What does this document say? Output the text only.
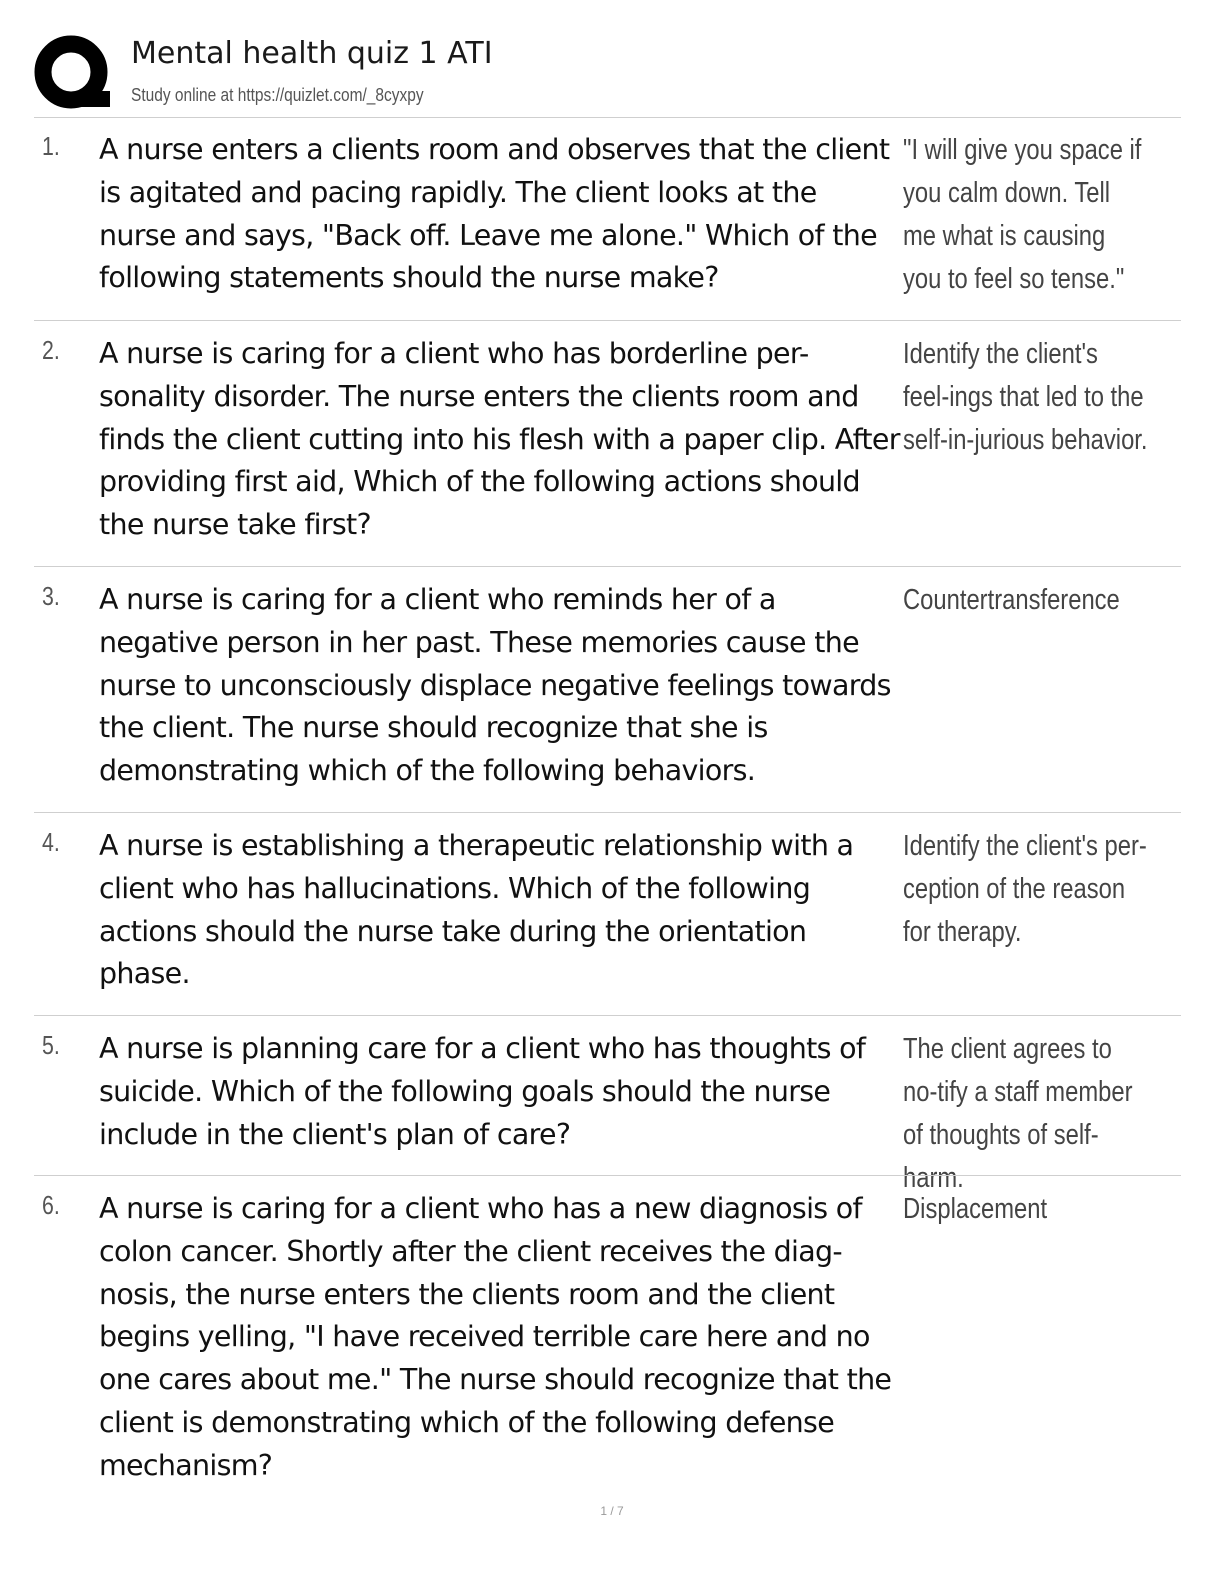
Mental health quiz 1 ATI
Study online at https://quizlet.com/_8cyxpy
1. A nurse enters a clients room and observes that the client is agitated and pacing rapidly. The client looks at the nurse and says, "Back off. Leave me alone." Which of the following statements should the nurse make?
"I will give you space if you calm down. Tell me what is causing you to feel so tense."
2. A nurse is caring for a client who has borderline per-sonality disorder. The nurse enters the clients room and finds the client cutting into his flesh with a paper clip. After providing first aid, Which of the following actions should the nurse take first?
Identify the client's feel-ings that led to the self-in-jurious behavior.
3. A nurse is caring for a client who reminds her of a negative person in her past. These memories cause the nurse to unconsciously displace negative feelings towards the client. The nurse should recognize that she is demonstrating which of the following behaviors.
Countertransference
4. A nurse is establishing a therapeutic relationship with a client who has hallucinations. Which of the following actions should the nurse take during the orientation phase.
Identify the client's per-ception of the reason for therapy.
5. A nurse is planning care for a client who has thoughts of suicide. Which of the following goals should the nurse include in the client's plan of care?
The client agrees to no-tify a staff member of thoughts of self-harm.
6. A nurse is caring for a client who has a new diagnosis of colon cancer. Shortly after the client receives the diag-nosis, the nurse enters the clients room and the client begins yelling, "I have received terrible care here and no one cares about me." The nurse should recognize that the client is demonstrating which of the following defense mechanism?
Displacement
1 / 7
